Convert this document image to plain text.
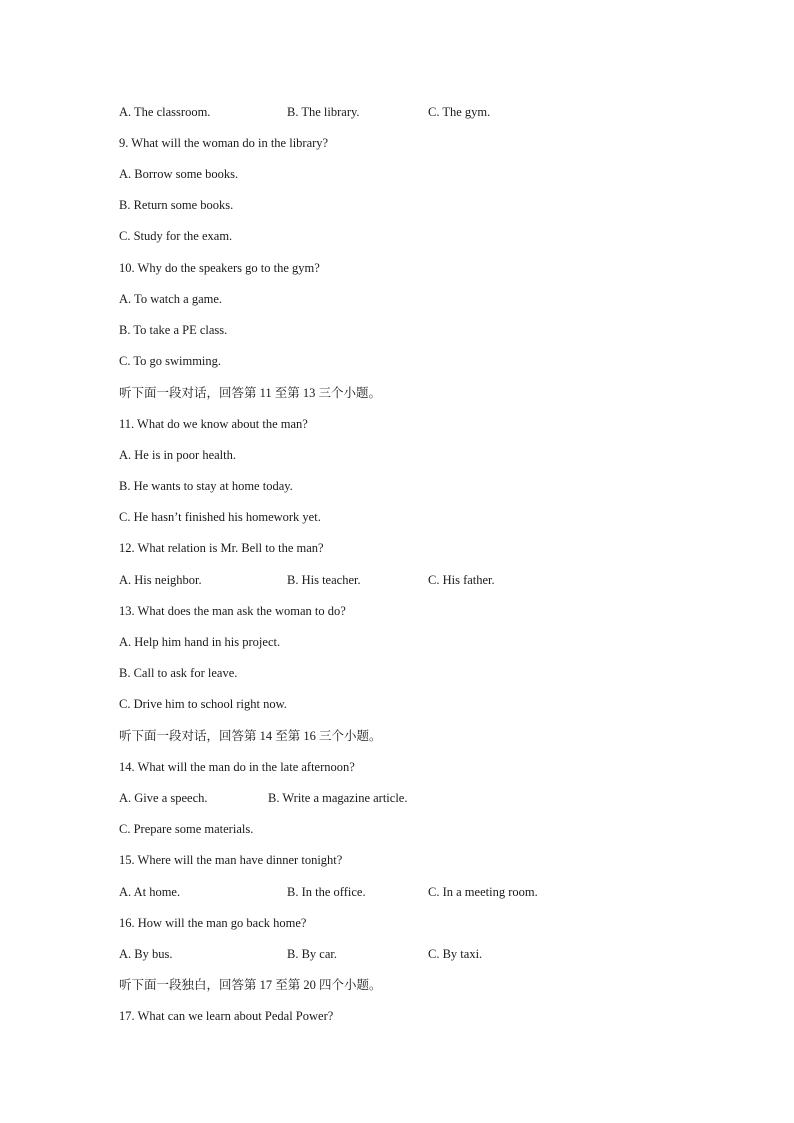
A. The classroom.	B. The library.	C. The gym.
9. What will the woman do in the library?
A. Borrow some books.
B. Return some books.
C. Study for the exam.
10. Why do the speakers go to the gym?
A. To watch a game.
B. To take a PE class.
C. To go swimming.
听下面一段对话，回答第 11 至第 13 三个小题。
11. What do we know about the man?
A. He is in poor health.
B. He wants to stay at home today.
C. He hasn’t finished his homework yet.
12. What relation is Mr. Bell to the man?
A. His neighbor.	B. His teacher.	C. His father.
13. What does the man ask the woman to do?
A. Help him hand in his project.
B. Call to ask for leave.
C. Drive him to school right now.
听下面一段对话，回答第 14 至第 16 三个小题。
14. What will the man do in the late afternoon?
A. Give a speech.	B. Write a magazine article.
C. Prepare some materials.
15. Where will the man have dinner tonight?
A. At home.	B. In the office.	C. In a meeting room.
16. How will the man go back home?
A. By bus.	B. By car.	C. By taxi.
听下面一段独白，回答第 17 至第 20 四个小题。
17. What can we learn about Pedal Power?
